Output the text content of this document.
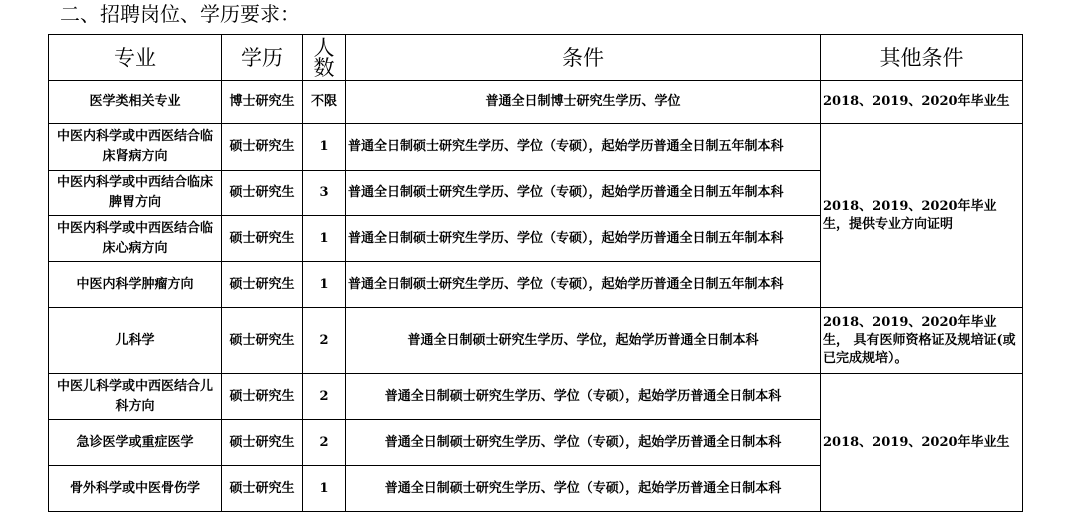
二、招聘岗位、学历要求：
专业	学历	人数	条件	其他条件
医学类相关专业	博士研究生	不限	普通全日制博士研究生学历、学位	2018、2019、2020年毕业生
中医内科学或中西医结合临床肾病方向	硕士研究生	1	普通全日制硕士研究生学历、学位（专硕），起始学历普通全日制五年制本科	2018、2019、2020年毕业生，提供专业方向证明
中医内科学或中西结合临床脾胃方向	硕士研究生	3	普通全日制硕士研究生学历、学位（专硕），起始学历普通全日制五年制本科	
中医内科学或中西医结合临床心病方向	硕士研究生	1	普通全日制硕士研究生学历、学位（专硕），起始学历普通全日制五年制本科	
中医内科学肿瘤方向	硕士研究生	1	普通全日制硕士研究生学历、学位（专硕），起始学历普通全日制五年制本科	
儿科学	硕士研究生	2	普通全日制硕士研究生学历、学位，起始学历普通全日制本科	2018、2019、2020年毕业生， 具有医师资格证及规培证(或已完成规培）。
中医儿科学或中西医结合儿科方向	硕士研究生	2	普通全日制硕士研究生学历、学位（专硕），起始学历普通全日制本科	2018、2019、2020年毕业生
急诊医学或重症医学	硕士研究生	2	普通全日制硕士研究生学历、学位（专硕），起始学历普通全日制本科	
骨外科学或中医骨伤学	硕士研究生	1	普通全日制硕士研究生学历、学位（专硕），起始学历普通全日制本科	
